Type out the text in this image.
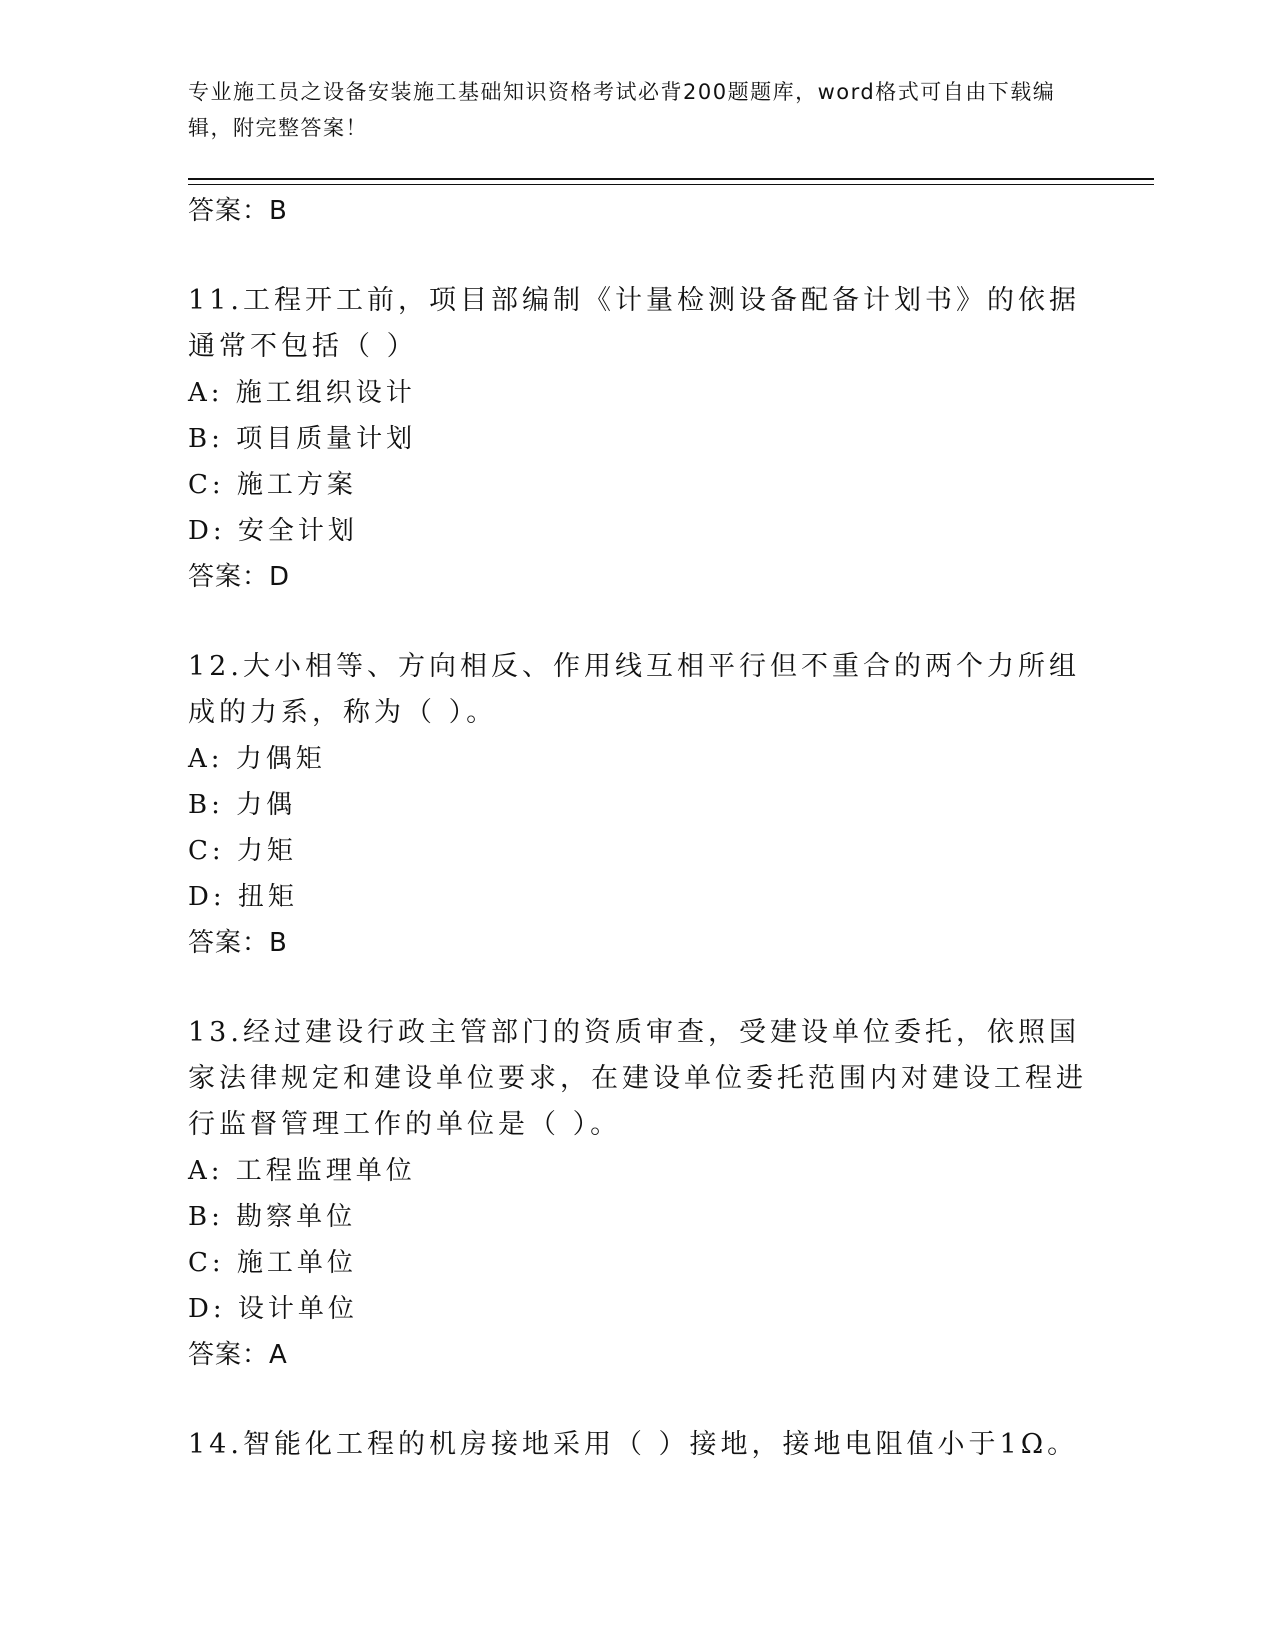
专业施工员之设备安装施工基础知识资格考试必背200题题库，word格式可自由下载编辑，附完整答案！
答案：B
11.工程开工前，项目部编制《计量检测设备配备计划书》的依据通常不包括（ ）
A: 施工组织设计
B: 项目质量计划
C: 施工方案
D: 安全计划
答案：D
12.大小相等、方向相反、作用线互相平行但不重合的两个力所组成的力系，称为（ ）。
A: 力偶矩
B: 力偶
C: 力矩
D: 扭矩
答案：B
13.经过建设行政主管部门的资质审查，受建设单位委托，依照国家法律规定和建设单位要求，在建设单位委托范围内对建设工程进行监督管理工作的单位是（ ）。
A: 工程监理单位
B: 勘察单位
C: 施工单位
D: 设计单位
答案：A
14.智能化工程的机房接地采用（ ）接地，接地电阻值小于1Ω。
